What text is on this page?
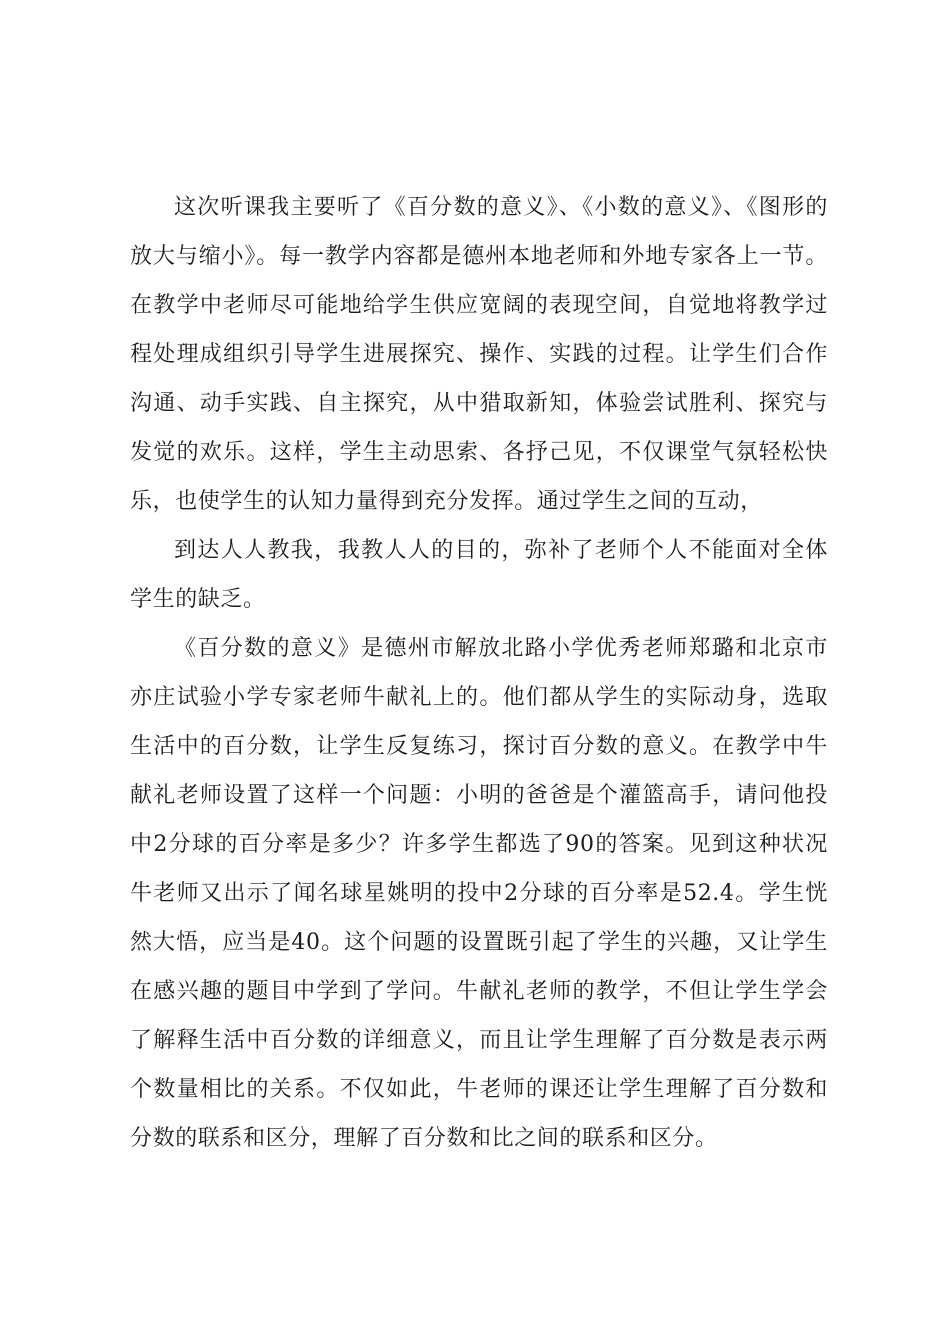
这次听课我主要听了《百分数的意义》、《小数的意义》、《图形的放大与缩小》。每一教学内容都是德州本地老师和外地专家各上一节。在教学中老师尽可能地给学生供应宽阔的表现空间，自觉地将教学过程处理成组织引导学生进展探究、操作、实践的过程。让学生们合作沟通、动手实践、自主探究，从中猎取新知，体验尝试胜利、探究与发觉的欢乐。这样，学生主动思索、各抒己见，不仅课堂气氛轻松快乐，也使学生的认知力量得到充分发挥。通过学生之间的互动，

到达人人教我，我教人人的目的，弥补了老师个人不能面对全体学生的缺乏。

《百分数的意义》是德州市解放北路小学优秀老师郑璐和北京市亦庄试验小学专家老师牛献礼上的。他们都从学生的实际动身，选取生活中的百分数，让学生反复练习，探讨百分数的意义。在教学中牛献礼老师设置了这样一个问题：小明的爸爸是个灌篮高手，请问他投中2分球的百分率是多少？许多学生都选了90的答案。见到这种状况牛老师又出示了闻名球星姚明的投中2分球的百分率是52.4。学生恍然大悟，应当是40。这个问题的设置既引起了学生的兴趣，又让学生在感兴趣的题目中学到了学问。牛献礼老师的教学，不但让学生学会了解释生活中百分数的详细意义，而且让学生理解了百分数是表示两个数量相比的关系。不仅如此，牛老师的课还让学生理解了百分数和分数的联系和区分，理解了百分数和比之间的联系和区分。
